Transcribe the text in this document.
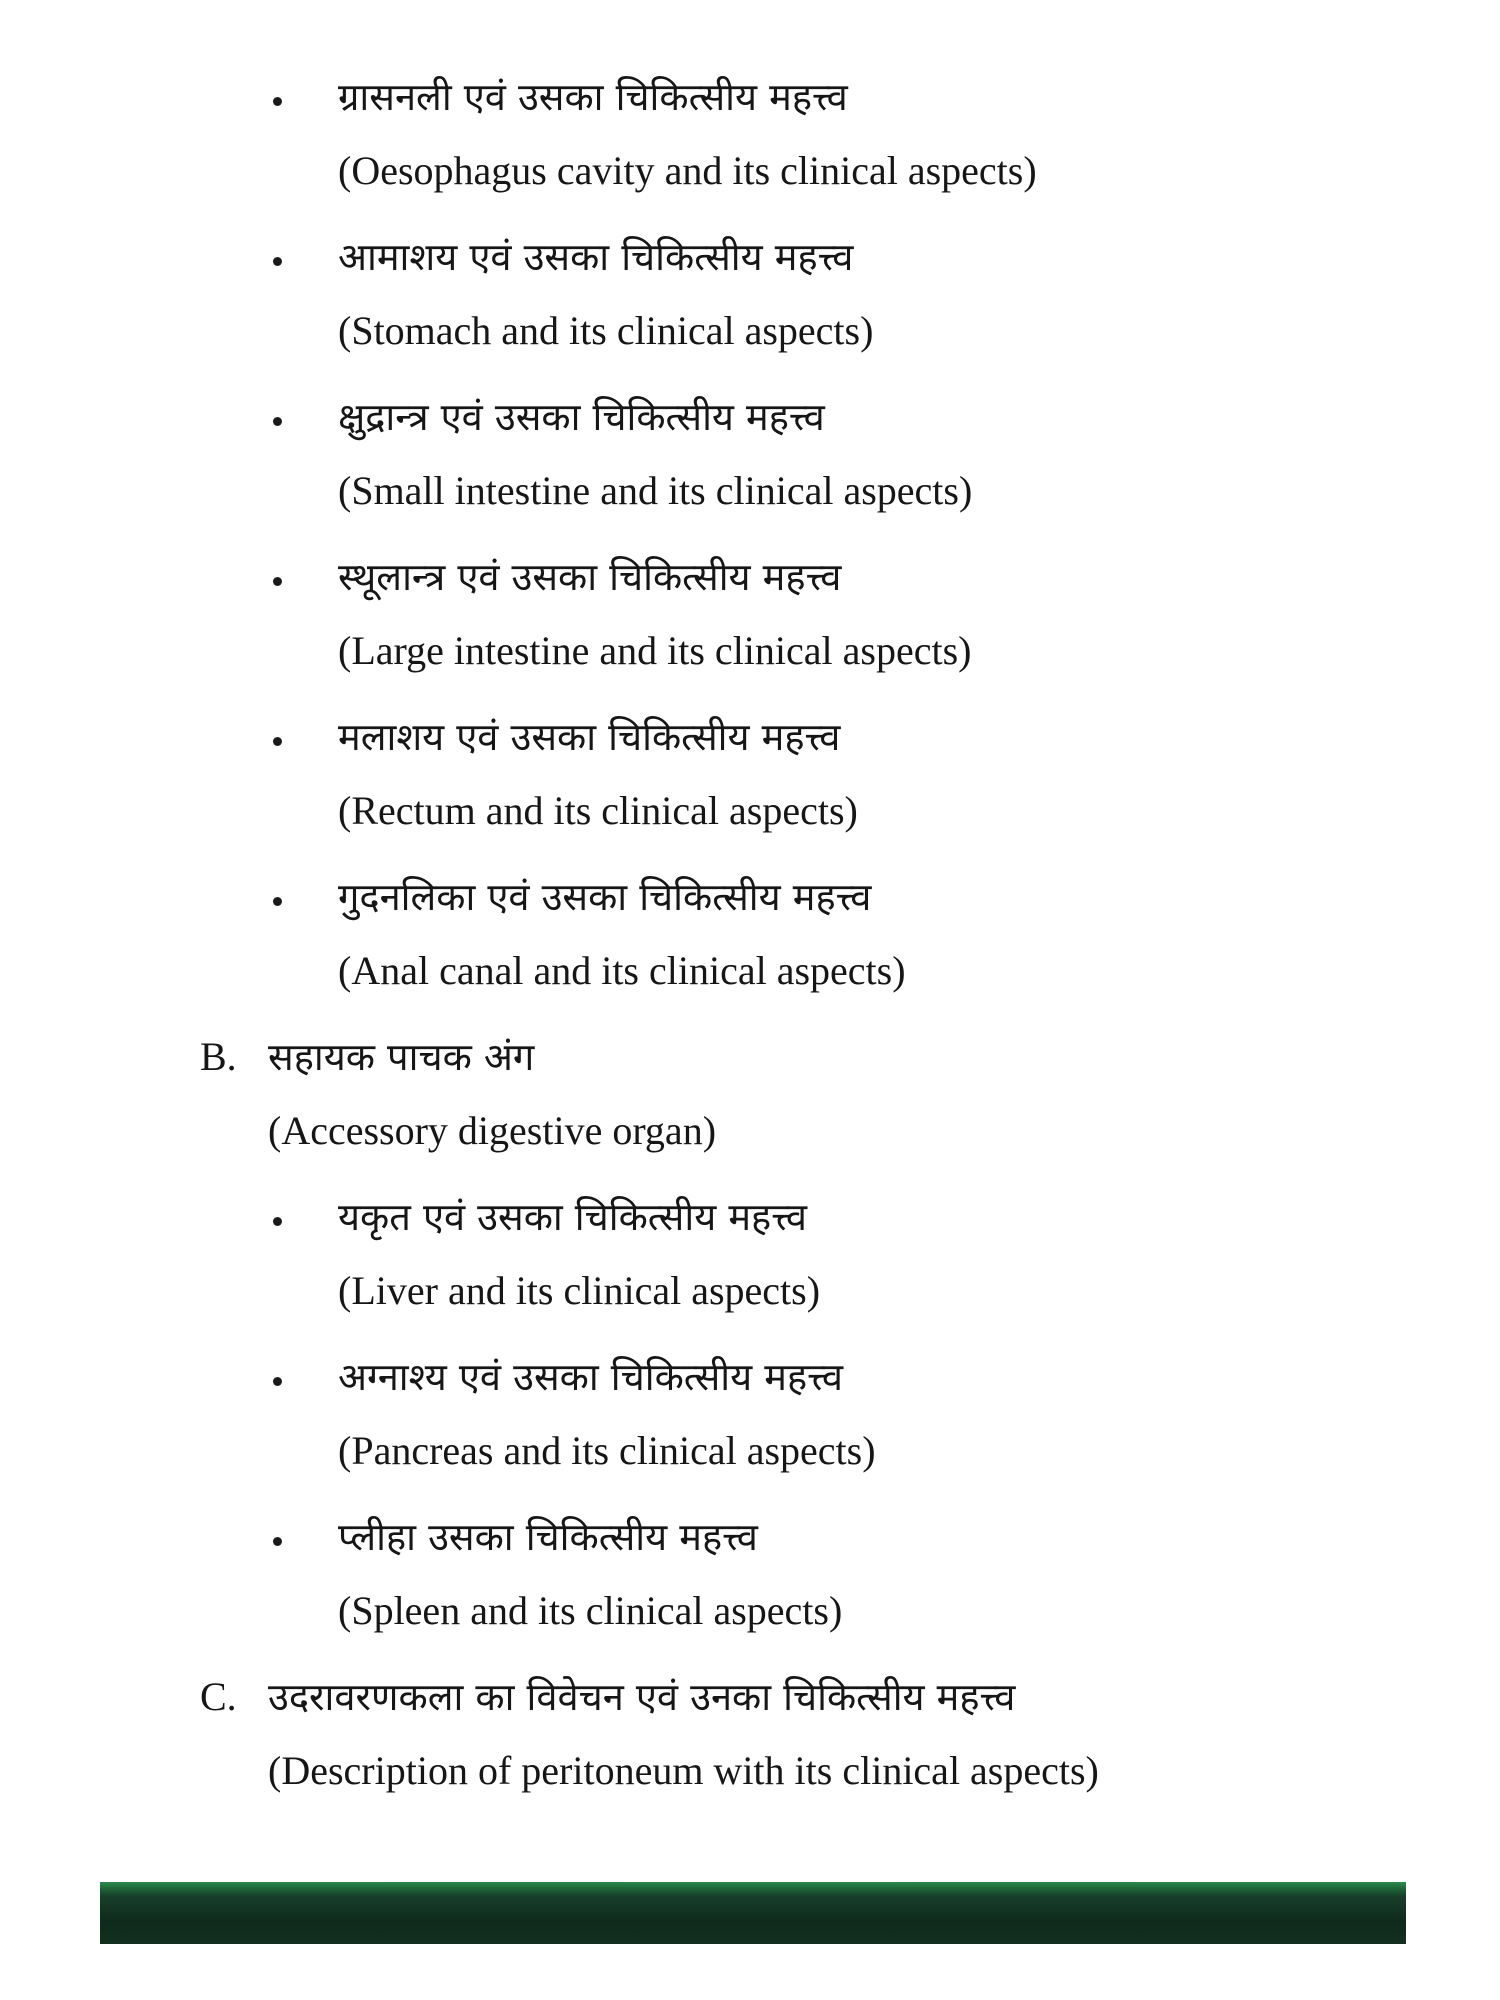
ग्रासनली एवं उसका चिकित्सीय महत्त्व
(Oesophagus cavity and its clinical aspects)
आमाशय एवं उसका चिकित्सीय महत्त्व
(Stomach and its clinical aspects)
क्षुद्रान्त्र एवं उसका चिकित्सीय महत्त्व
(Small intestine and its clinical aspects)
स्थूलान्त्र एवं उसका चिकित्सीय महत्त्व
(Large intestine and its clinical aspects)
मलाशय एवं उसका चिकित्सीय महत्त्व
(Rectum and its clinical aspects)
गुदनलिका एवं उसका चिकित्सीय महत्त्व
(Anal canal and its clinical aspects)
B. सहायक पाचक अंग
(Accessory digestive organ)
यकृत एवं उसका चिकित्सीय महत्त्व
(Liver and its clinical aspects)
अग्नाश्य एवं उसका चिकित्सीय महत्त्व
(Pancreas and its clinical aspects)
प्लीहा उसका चिकित्सीय महत्त्व
(Spleen and its clinical aspects)
C. उदरावरणकला का विवेचन एवं उनका चिकित्सीय महत्त्व
(Description of peritoneum with its clinical aspects)
